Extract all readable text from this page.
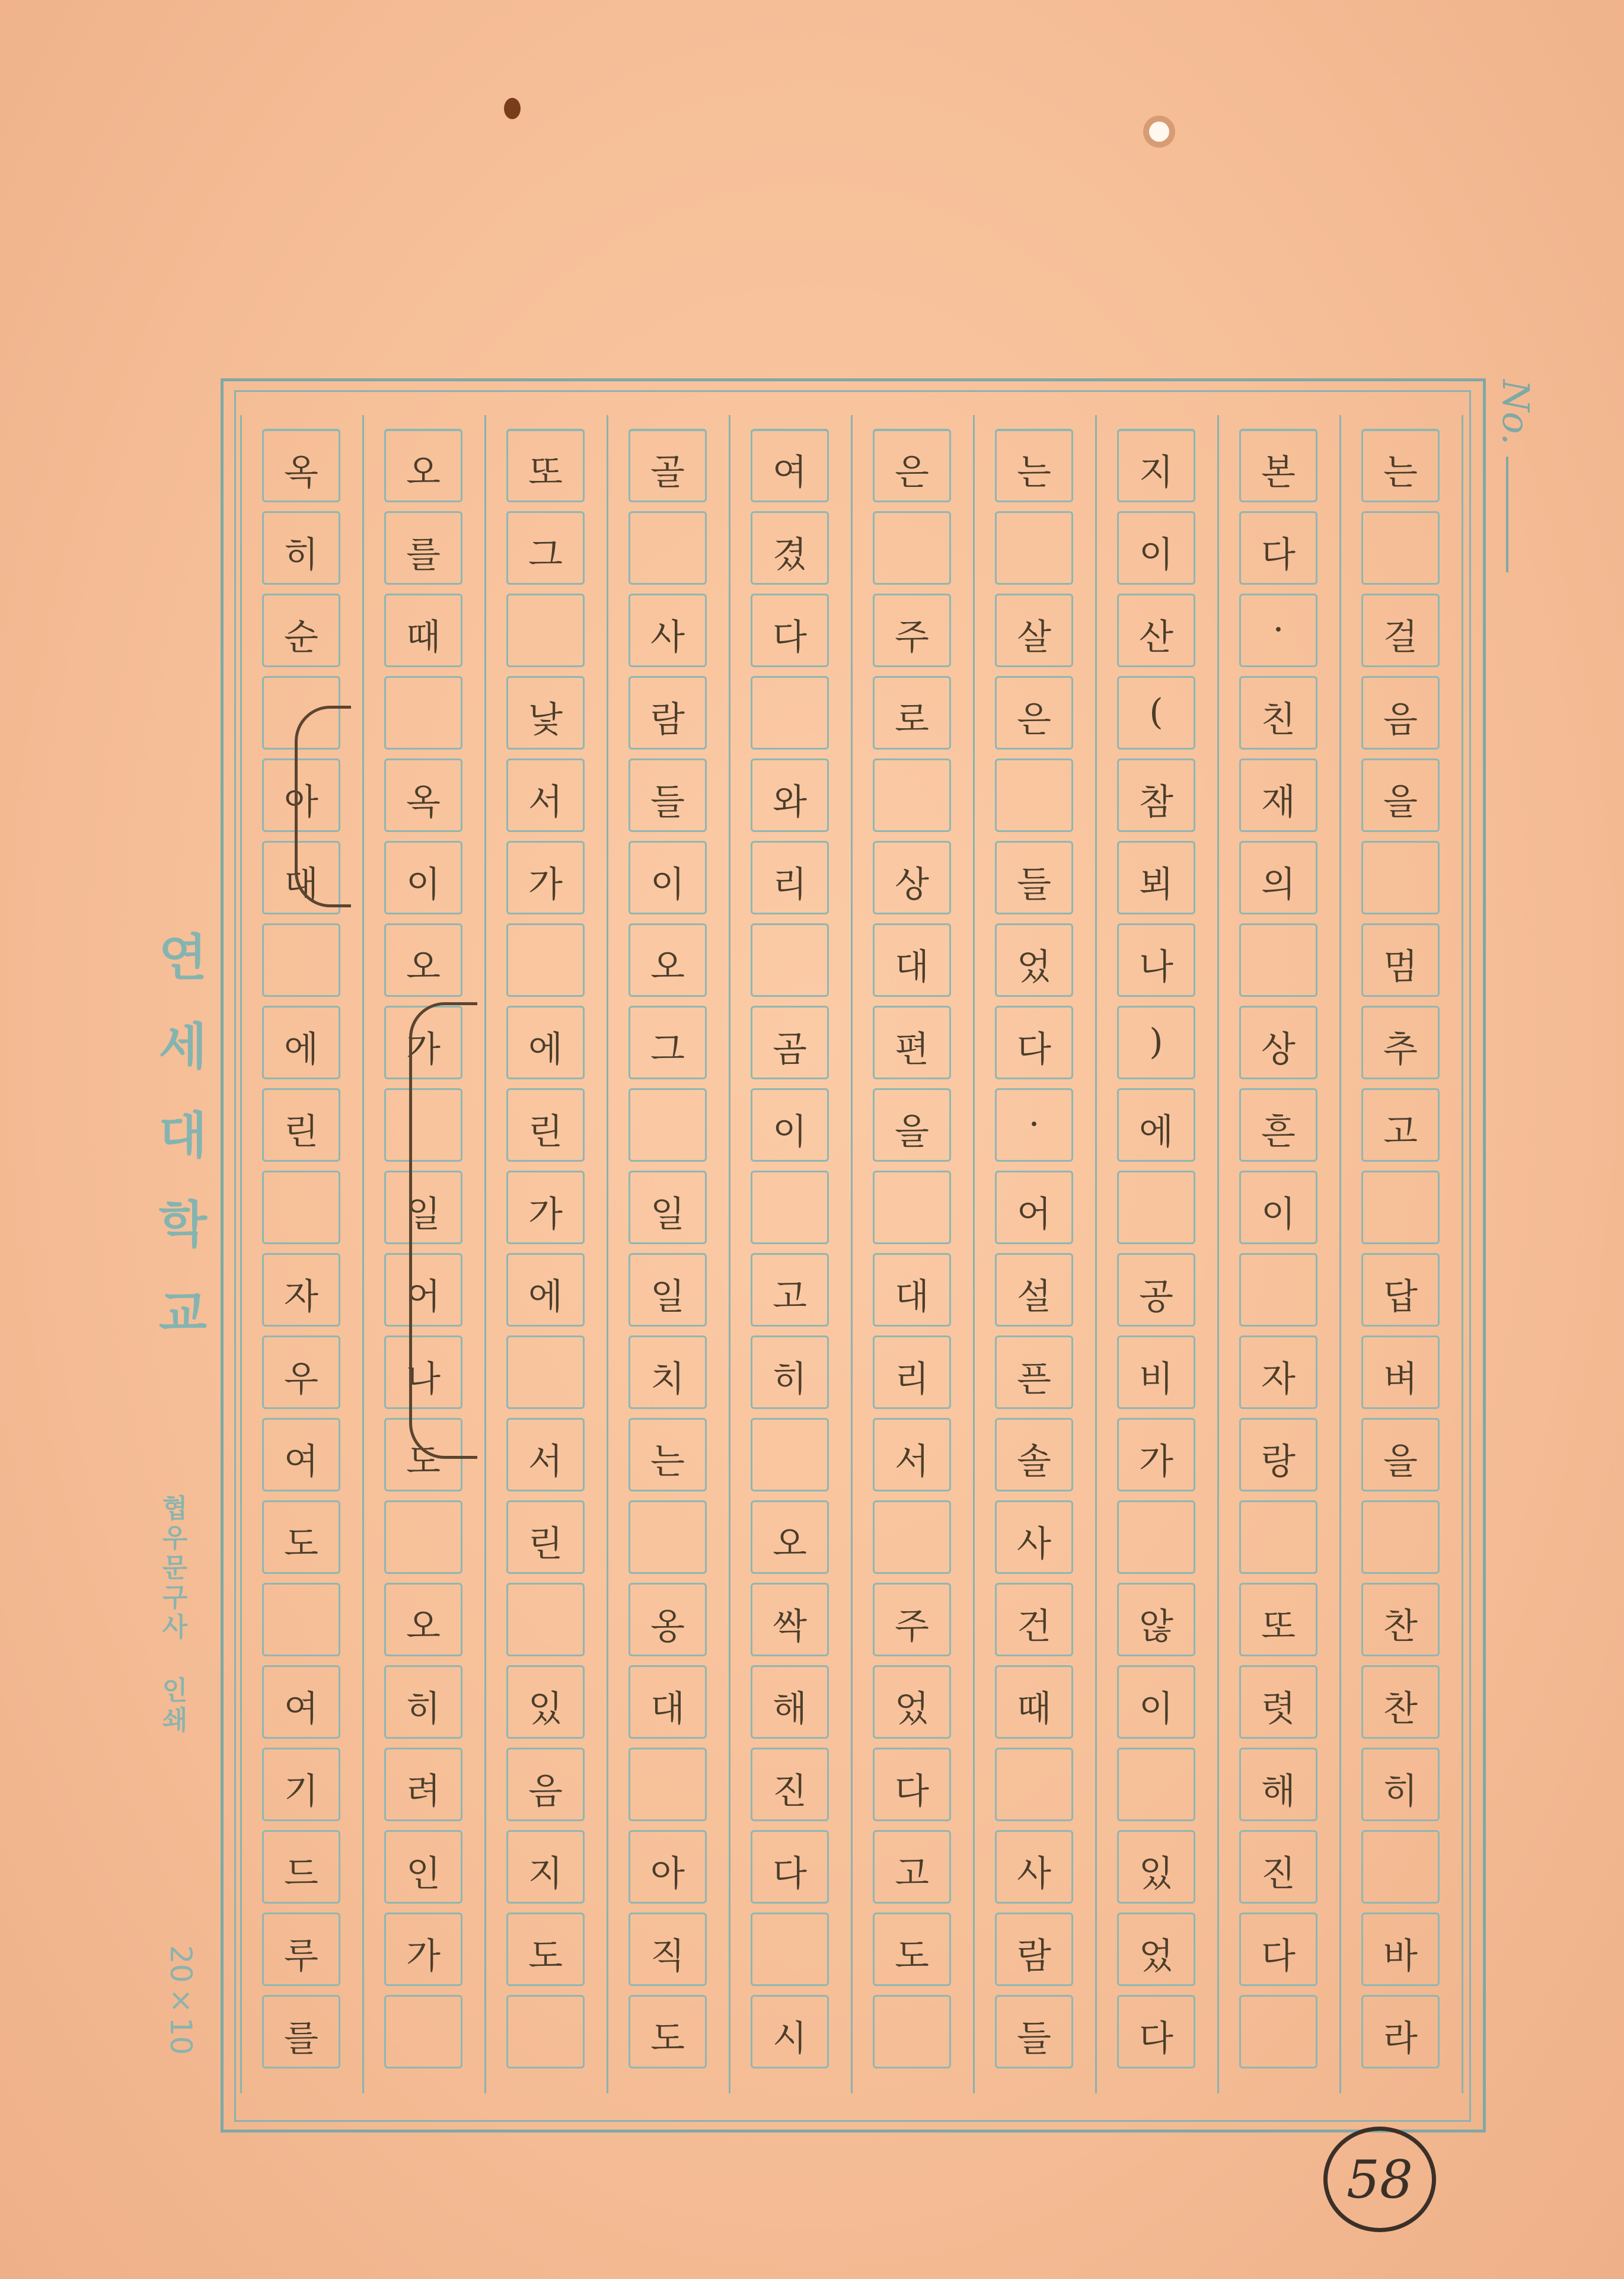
는
걸
음
을
멈
추
고
답
벼
을
찬
찬
히
바
라
본
다
·
친
재
의
상
흔
이
자
랑
또
렷
해
진
다
지
이
산
(
참
뵈
나
)
에
공
비
가
않
이
있
었
다
는
살
은
들
었
다
·
어
설
픈
솔
사
건
때
사
람
들
은
주
로
상
대
편
을
대
리
서
주
었
다
고
도
여
겼
다
와
리
곰
이
고
히
오
싹
해
진
다
시
골
사
람
들
이
오
그
일
일
치
는
옹
대
아
직
도
또
그
낯
서
가
에
린
가
에
서
린
있
음
지
도
오
를
때
옥
이
오
가
일
어
나
도
오
히
려
인
가
옥
히
순
아
대
에
린
자
우
여
도
여
기
드
루
를
No.
연세대학교
협우문구사 인쇄
20×10
58
